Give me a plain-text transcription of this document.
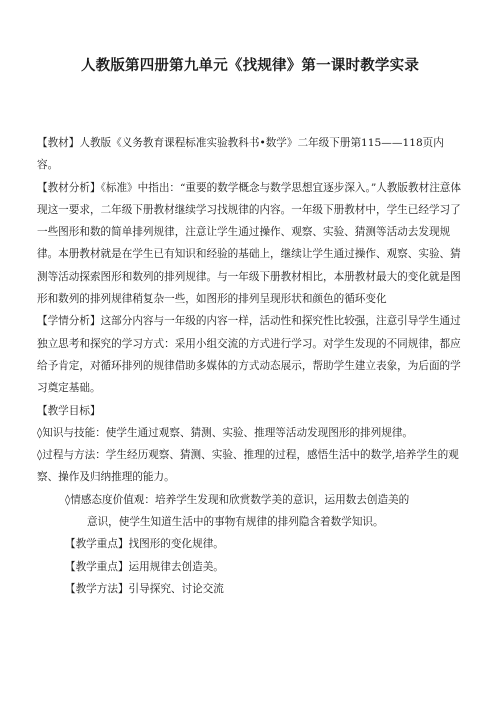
人教版第四册第九单元《找规律》第一课时教学实录

【教材】人教版《义务教育课程标准实验教科书•数学》二年级下册第115——118页内容。

【教材分析】《标准》中指出：“重要的数学概念与数学思想宜逐步深入。”人教版教材注意体现这一要求，二年级下册教材继续学习找规律的内容。一年级下册教材中，学生已经学习了一些图形和数的简单排列规律，注意让学生通过操作、观察、实验、猜测等活动去发现规律。本册教材就是在学生已有知识和经验的基础上，继续让学生通过操作、观察、实验、猜测等活动探索图形和数列的排列规律。与一年级下册教材相比，本册教材最大的变化就是图形和数列的排列规律稍复杂一些，如图形的排列呈现形状和颜色的循环变化

【学情分析】这部分内容与一年级的内容一样，活动性和探究性比较强，注意引导学生通过独立思考和探究的学习方式：采用小组交流的方式进行学习。对学生发现的不同规律，都应给予肯定，对循环排列的规律借助多媒体的方式动态展示，帮助学生建立表象，为后面的学习奠定基础。

【教学目标】

◊知识与技能：使学生通过观察、猜测、实验、推理等活动发现图形的排列规律。

◊过程与方法：学生经历观察、猜测、实验、推理的过程，感悟生活中的数学,培养学生的观察、操作及归纳推理的能力。

◊情感态度价值观：培养学生发现和欣赏数学美的意识，运用数去创造美的

意识，使学生知道生活中的事物有规律的排列隐含着数学知识。

【教学重点】找图形的变化规律。

【教学重点】运用规律去创造美。

【教学方法】引导探究、讨论交流
